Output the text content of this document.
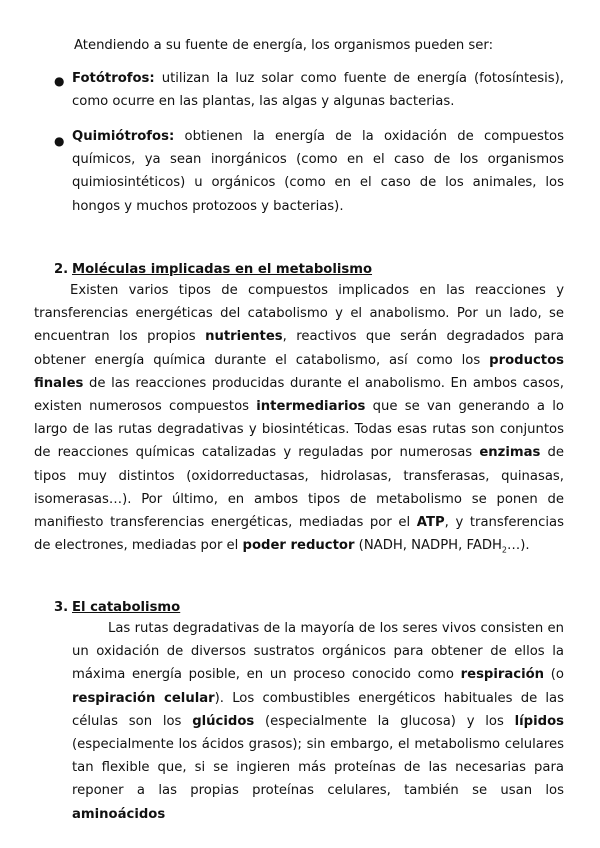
Atendiendo a su fuente de energía, los organismos pueden ser:

● Fotótrofos: utilizan la luz solar como fuente de energía (fotosíntesis), como ocurre en las plantas, las algas y algunas bacterias.

● Quimiótrofos: obtienen la energía de la oxidación de compuestos químicos, ya sean inorgánicos (como en el caso de los organismos quimiosintéticos) u orgánicos (como en el caso de los animales, los hongos y muchos protozoos y bacterias).

2. Moléculas implicadas en el metabolismo

Existen varios tipos de compuestos implicados en las reacciones y transferencias energéticas del catabolismo y el anabolismo. Por un lado, se encuentran los propios nutrientes, reactivos que serán degradados para obtener energía química durante el catabolismo, así como los productos finales de las reacciones producidas durante el anabolismo. En ambos casos, existen numerosos compuestos intermediarios que se van generando a lo largo de las rutas degradativas y biosintéticas. Todas esas rutas son conjuntos de reacciones químicas catalizadas y reguladas por numerosas enzimas de tipos muy distintos (oxidorreductasas, hidrolasas, transferasas, quinasas, isomerasas…). Por último, en ambos tipos de metabolismo se ponen de manifiesto transferencias energéticas, mediadas por el ATP, y transferencias de electrones, mediadas por el poder reductor (NADH, NADPH, $FADH_2\dots$).

3. El catabolismo

Las rutas degradativas de la mayoría de los seres vivos consisten en un oxidación de diversos sustratos orgánicos para obtener de ellos la máxima energía posible, en un proceso conocido como respiración (o respiración celular). Los combustibles energéticos habituales de las células son los glúcidos (especialmente la glucosa) y los lípidos (especialmente los ácidos grasos); sin embargo, el metabolismo celulares tan flexible que, si se ingieren más proteínas de las necesarias para reponer a las propias proteínas celulares, también se usan los aminoácidos
